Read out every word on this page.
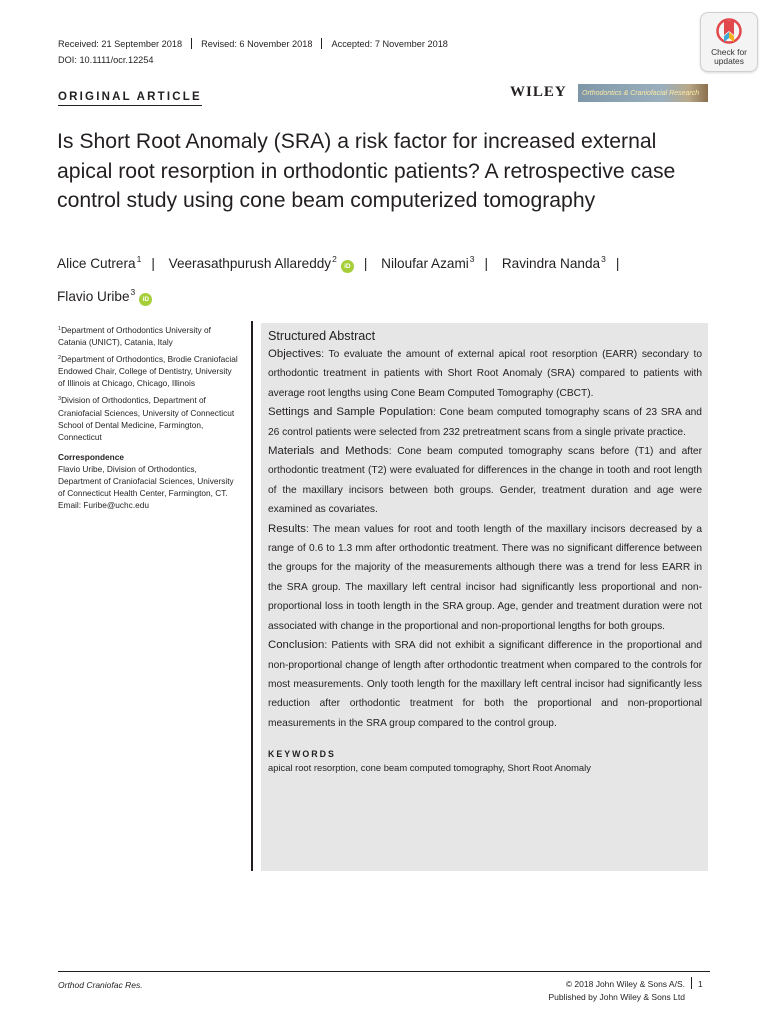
Received: 21 September 2018 Revised: 6 November 2018 Accepted: 7 November 2018
DOI: 10.1111/ocr.12254
Check for
updates
ORIGINAL ARTICLE	WILEY Orthodontics & Craniofacial Research
Is Short Root Anomaly (SRA) a risk factor for increased external apical root resorption in orthodontic patients? A retrospective case control study using cone beam computerized tomography
Alice Cutrera$^1$ | Veerasathpurush Allareddy$^2$iD | Niloufar Azami$^3$ | Ravindra Nanda$^3$ |
Flavio Uribe$^3$iD

$^1$Department of Orthodontics University of Catania (UNICT), Catania, Italy

$^2$Department of Orthodontics, Brodie Craniofacial Endowed Chair, College of Dentistry, University of Illinois at Chicago, Chicago, Illinois

$^3$Division of Orthodontics, Department of Craniofacial Sciences, University of Connecticut School of Dental Medicine, Farmington, Connecticut

Correspondence
Flavio Uribe, Division of Orthodontics, Department of Craniofacial Sciences, University of Connecticut Health Center, Farmington, CT.
Email: Furibe@uchc.edu
Structured Abstract

Objectives: To evaluate the amount of external apical root resorption (EARR) secondary to orthodontic treatment in patients with Short Root Anomaly (SRA) compared to patients with average root lengths using Cone Beam Computed Tomography (CBCT).

Settings and Sample Population: Cone beam computed tomography scans of 23 SRA and 26 control patients were selected from 232 pretreatment scans from a single private practice.

Materials and Methods: Cone beam computed tomography scans before (T1) and after orthodontic treatment (T2) were evaluated for differences in the change in tooth and root length of the maxillary incisors between both groups. Gender, treatment duration and age were examined as covariates.

Results: The mean values for root and tooth length of the maxillary incisors decreased by a range of 0.6 to 1.3 mm after orthodontic treatment. There was no significant difference between the groups for the majority of the measurements although there was a trend for less EARR in the SRA group. The maxillary left central incisor had significantly less proportional and non-proportional loss in tooth length in the SRA group. Age, gender and treatment duration were not associated with change in the proportional and non-proportional lengths for both groups.

Conclusion: Patients with SRA did not exhibit a significant difference in the proportional and non-proportional change of length after orthodontic treatment when compared to the controls for most measurements. Only tooth length for the maxillary left central incisor had significantly less reduction after orthodontic treatment for both the proportional and non-proportional measurements in the SRA group compared to the control group.

KEYWORDS
apical root resorption, cone beam computed tomography, Short Root Anomaly
Orthod Craniofac Res.	© 2018 John Wiley & Sons A/S.
Published by John Wiley & Sons Ltd
1
